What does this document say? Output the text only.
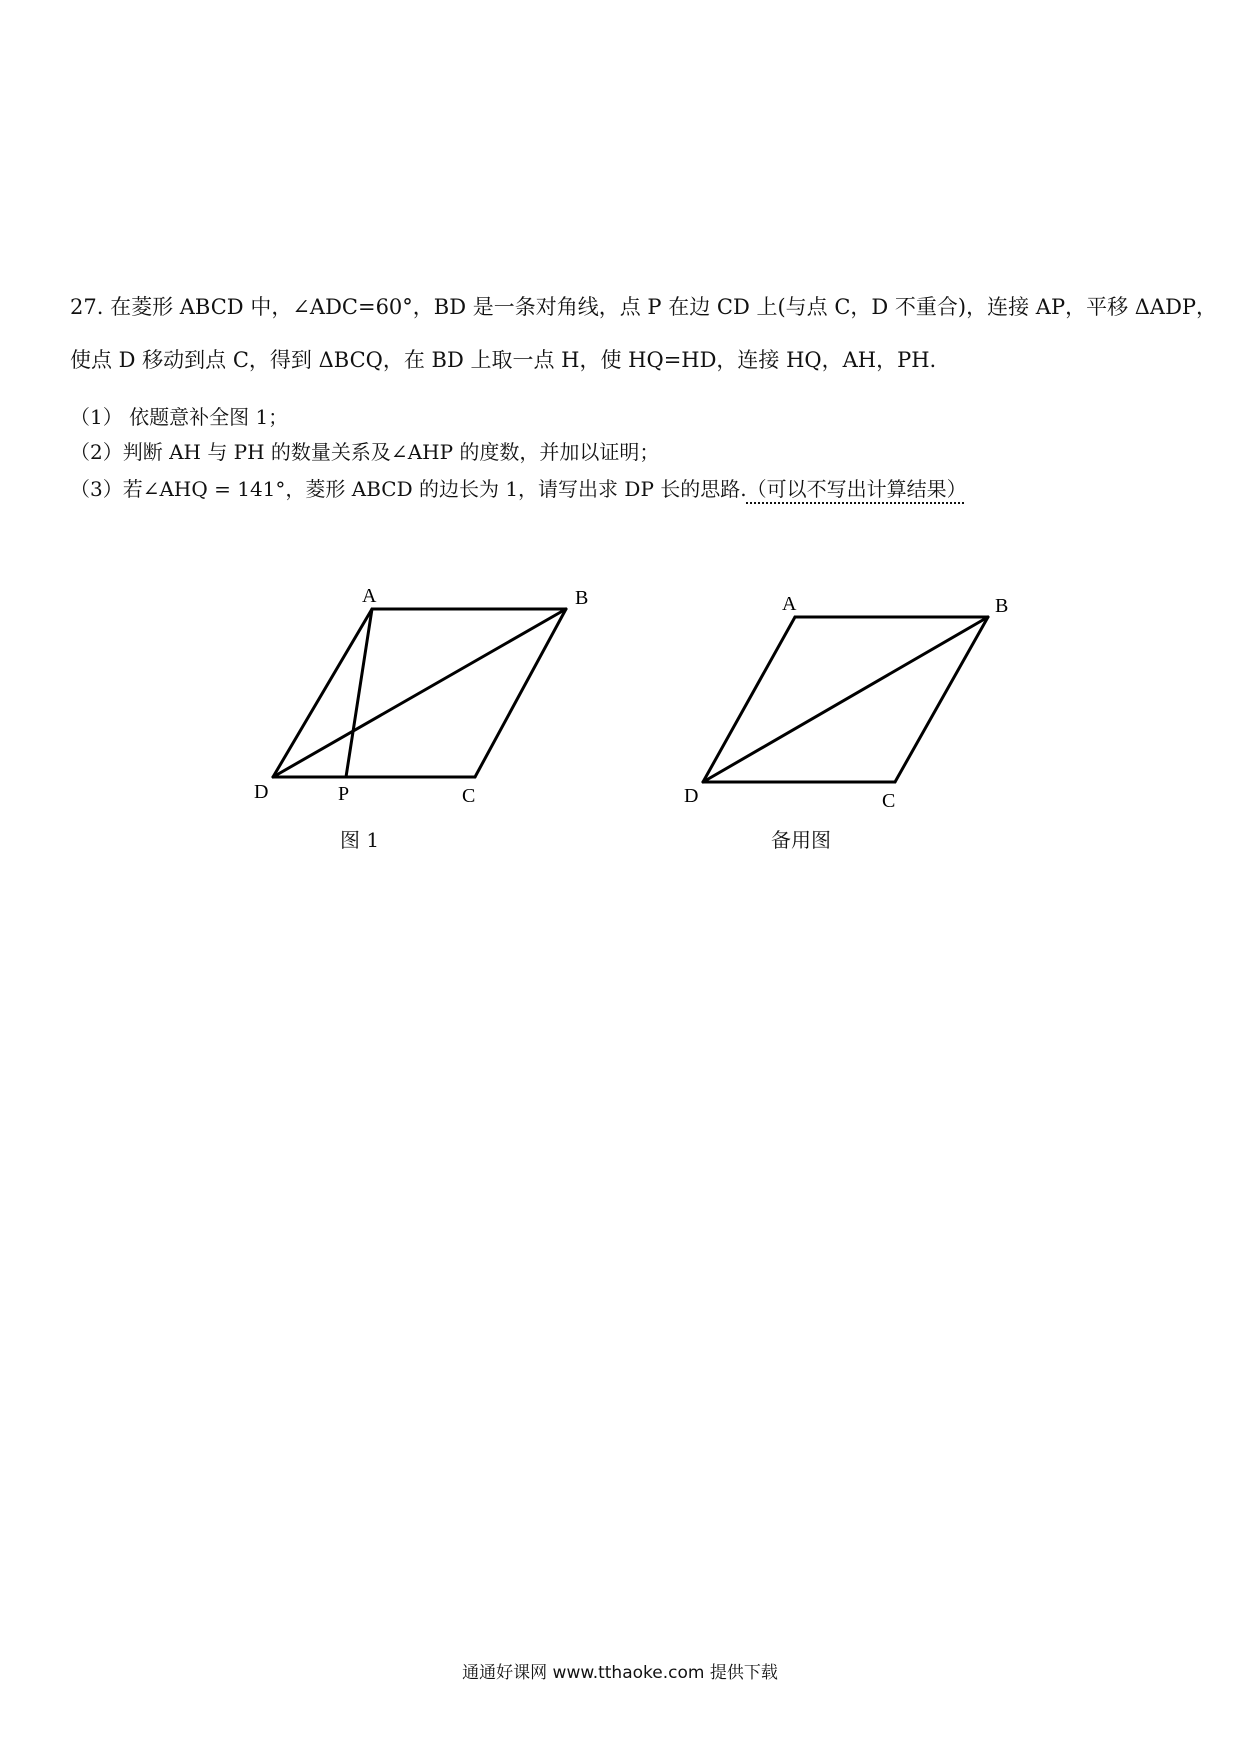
27. 在菱形 ABCD 中，∠ADC=60°，BD 是一条对角线，点 P 在边 CD 上(与点 C，D 不重合)，连接 AP，平移 ΔADP，
使点 D 移动到点 C，得到 ΔBCQ，在 BD 上取一点 H，使 HQ=HD，连接 HQ，AH，PH.
（1） 依题意补全图 1；
（2）判断 AH 与 PH 的数量关系及∠AHP 的度数，并加以证明；
（3）若∠AHQ = 141°，菱形 ABCD 的边长为 1，请写出求 DP 长的思路.（可以不写出计算结果）
A	B
C
D	P
图 1
A	B
C
D
备用图
通通好课网 www.tthaoke.com 提供下载
